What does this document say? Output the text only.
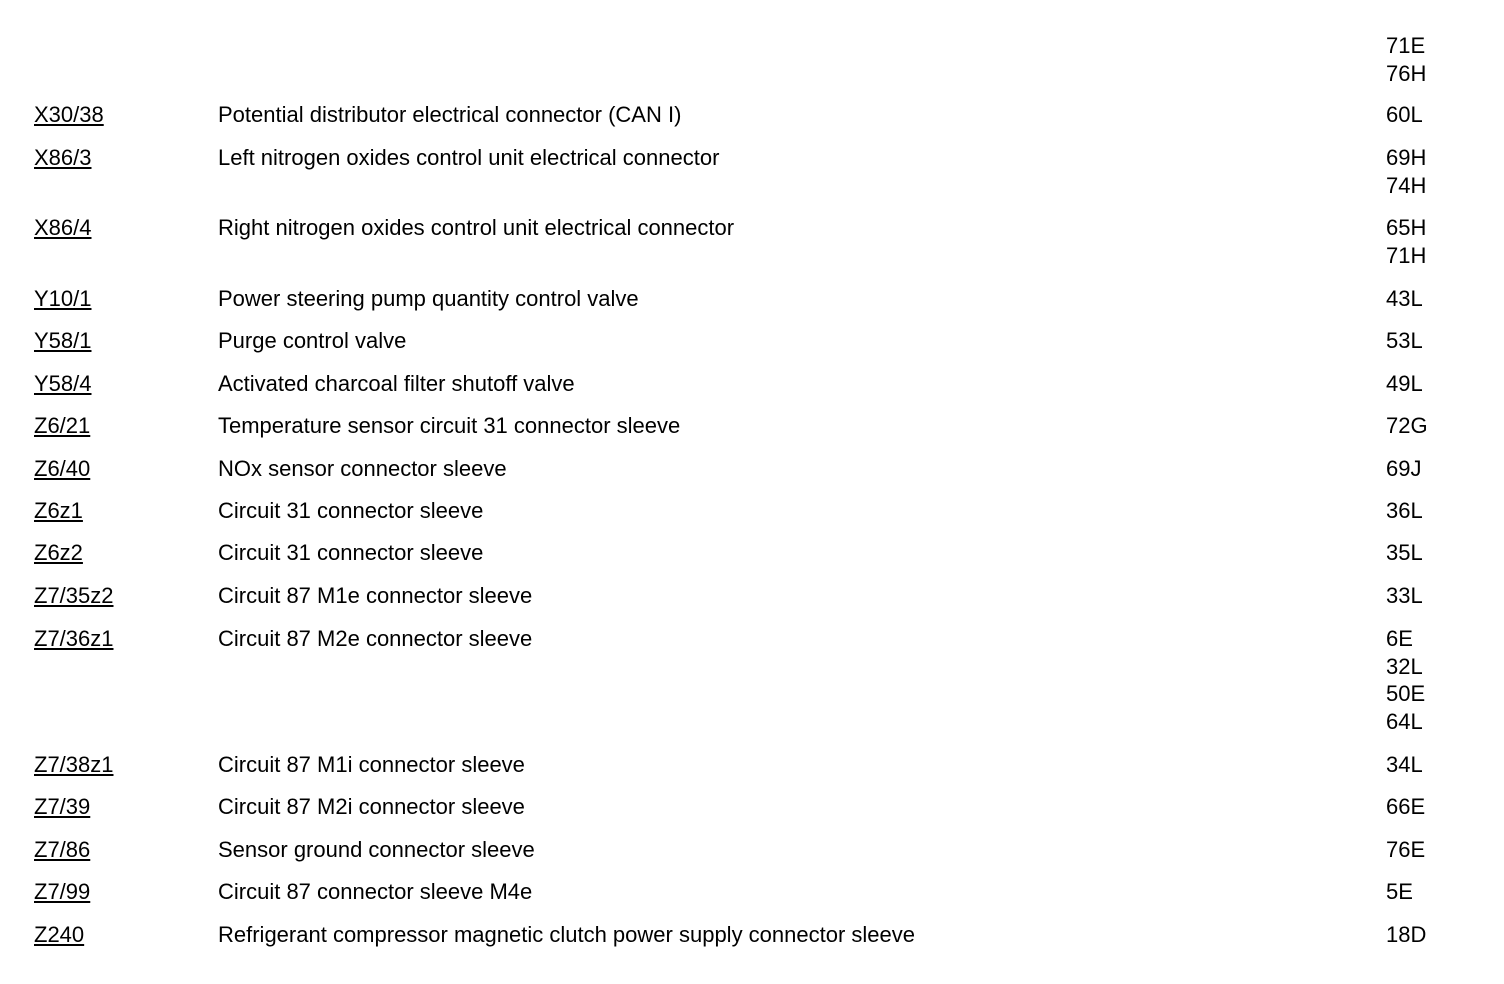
71E
76H
X30/38	Potential distributor electrical connector (CAN I)	60L
X86/3	Left nitrogen oxides control unit electrical connector	69H
74H
X86/4	Right nitrogen oxides control unit electrical connector	65H
71H
Y10/1	Power steering pump quantity control valve	43L
Y58/1	Purge control valve	53L
Y58/4	Activated charcoal filter shutoff valve	49L
Z6/21	Temperature sensor circuit 31 connector sleeve	72G
Z6/40	NOx sensor connector sleeve	69J
Z6z1	Circuit 31 connector sleeve	36L
Z6z2	Circuit 31 connector sleeve	35L
Z7/35z2	Circuit 87 M1e connector sleeve	33L
Z7/36z1	Circuit 87 M2e connector sleeve	6E
32L
50E
64L
Z7/38z1	Circuit 87 M1i connector sleeve	34L
Z7/39	Circuit 87 M2i connector sleeve	66E
Z7/86	Sensor ground connector sleeve	76E
Z7/99	Circuit 87 connector sleeve M4e	5E
Z240	Refrigerant compressor magnetic clutch power supply connector sleeve	18D
